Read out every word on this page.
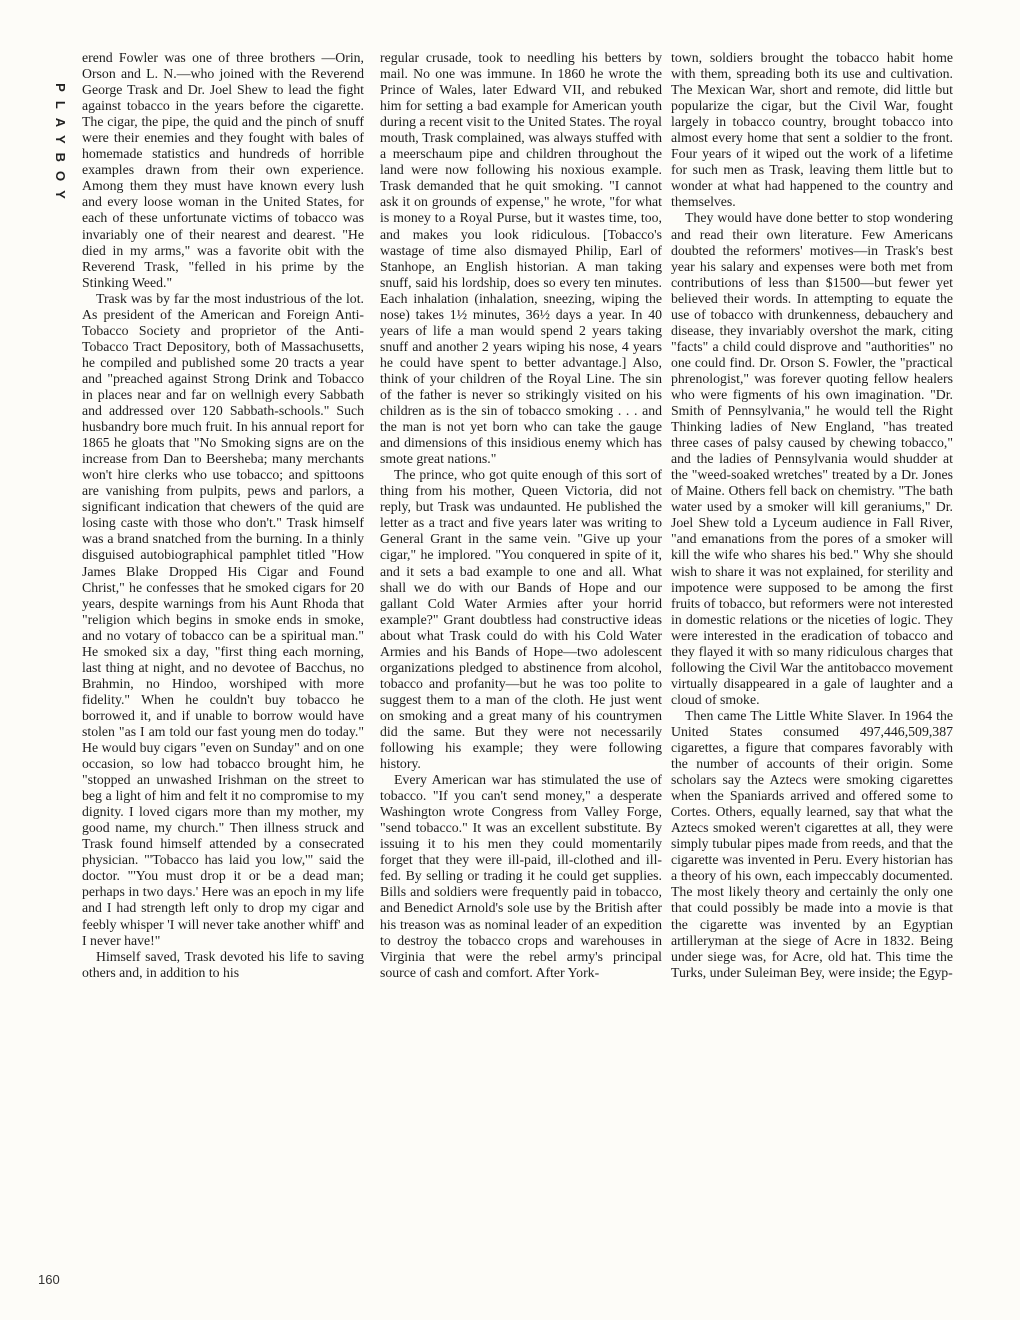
PLAYBOY

erend Fowler was one of three brothers —Orin, Orson and L. N.—who joined with the Reverend George Trask and Dr. Joel Shew to lead the fight against tobacco in the years before the cigarette. The cigar, the pipe, the quid and the pinch of snuff were their enemies and they fought with bales of homemade statistics and hundreds of horrible examples drawn from their own experience. Among them they must have known every lush and every loose woman in the United States, for each of these unfortunate victims of tobacco was invariably one of their nearest and dearest. "He died in my arms," was a favorite obit with the Reverend Trask, "felled in his prime by the Stinking Weed."

Trask was by far the most industrious of the lot. As president of the American and Foreign Anti-Tobacco Society and proprietor of the Anti-Tobacco Tract Depository, both of Massachusetts, he compiled and published some 20 tracts a year and "preached against Strong Drink and Tobacco in places near and far on wellnigh every Sabbath and addressed over 120 Sabbath-schools." Such husbandry bore much fruit. In his annual report for 1865 he gloats that "No Smoking signs are on the increase from Dan to Beersheba; many merchants won't hire clerks who use tobacco; and spittoons are vanishing from pulpits, pews and parlors, a significant indication that chewers of the quid are losing caste with those who don't." Trask himself was a brand snatched from the burning. In a thinly disguised autobiographical pamphlet titled "How James Blake Dropped His Cigar and Found Christ," he confesses that he smoked cigars for 20 years, despite warnings from his Aunt Rhoda that "religion which begins in smoke ends in smoke, and no votary of tobacco can be a spiritual man." He smoked six a day, "first thing each morning, last thing at night, and no devotee of Bacchus, no Brahmin, no Hindoo, worshiped with more fidelity." When he couldn't buy tobacco he borrowed it, and if unable to borrow would have stolen "as I am told our fast young men do today." He would buy cigars "even on Sunday" and on one occasion, so low had tobacco brought him, he "stopped an unwashed Irishman on the street to beg a light of him and felt it no compromise to my dignity. I loved cigars more than my mother, my good name, my church." Then illness struck and Trask found himself attended by a consecrated physician. "'Tobacco has laid you low,'" said the doctor. "'You must drop it or be a dead man; perhaps in two days.' Here was an epoch in my life and I had strength left only to drop my cigar and feebly whisper 'I will never take another whiff' and I never have!"

Himself saved, Trask devoted his life to saving others and, in addition to his

regular crusade, took to needling his betters by mail. No one was immune. In 1860 he wrote the Prince of Wales, later Edward VII, and rebuked him for setting a bad example for American youth during a recent visit to the United States. The royal mouth, Trask complained, was always stuffed with a meerschaum pipe and children throughout the land were now following his noxious example. Trask demanded that he quit smoking. "I cannot ask it on grounds of expense," he wrote, "for what is money to a Royal Purse, but it wastes time, too, and makes you look ridiculous. [Tobacco's wastage of time also dismayed Philip, Earl of Stanhope, an English historian. A man taking snuff, said his lordship, does so every ten minutes. Each inhalation (inhalation, sneezing, wiping the nose) takes 1½ minutes, 36½ days a year. In 40 years of life a man would spend 2 years taking snuff and another 2 years wiping his nose, 4 years he could have spent to better advantage.] Also, think of your children of the Royal Line. The sin of the father is never so strikingly visited on his children as is the sin of tobacco smoking . . . and the man is not yet born who can take the gauge and dimensions of this insidious enemy which has smote great nations."

The prince, who got quite enough of this sort of thing from his mother, Queen Victoria, did not reply, but Trask was undaunted. He published the letter as a tract and five years later was writing to General Grant in the same vein. "Give up your cigar," he implored. "You conquered in spite of it, and it sets a bad example to one and all. What shall we do with our Bands of Hope and our gallant Cold Water Armies after your horrid example?" Grant doubtless had constructive ideas about what Trask could do with his Cold Water Armies and his Bands of Hope—two adolescent organizations pledged to abstinence from alcohol, tobacco and profanity—but he was too polite to suggest them to a man of the cloth. He just went on smoking and a great many of his countrymen did the same. But they were not necessarily following his example; they were following history.

Every American war has stimulated the use of tobacco. "If you can't send money," a desperate Washington wrote Congress from Valley Forge, "send tobacco." It was an excellent substitute. By issuing it to his men they could momentarily forget that they were ill-paid, ill-clothed and ill-fed. By selling or trading it he could get supplies. Bills and soldiers were frequently paid in tobacco, and Benedict Arnold's sole use by the British after his treason was as nominal leader of an expedition to destroy the tobacco crops and warehouses in Virginia that were the rebel army's principal source of cash and comfort. After York-

town, soldiers brought the tobacco habit home with them, spreading both its use and cultivation. The Mexican War, short and remote, did little but popularize the cigar, but the Civil War, fought largely in tobacco country, brought tobacco into almost every home that sent a soldier to the front. Four years of it wiped out the work of a lifetime for such men as Trask, leaving them little but to wonder at what had happened to the country and themselves.

They would have done better to stop wondering and read their own literature. Few Americans doubted the reformers' motives—in Trask's best year his salary and expenses were both met from contributions of less than $1500—but fewer yet believed their words. In attempting to equate the use of tobacco with drunkenness, debauchery and disease, they invariably overshot the mark, citing "facts" a child could disprove and "authorities" no one could find. Dr. Orson S. Fowler, the "practical phrenologist," was forever quoting fellow healers who were figments of his own imagination. "Dr. Smith of Pennsylvania," he would tell the Right Thinking ladies of New England, "has treated three cases of palsy caused by chewing tobacco," and the ladies of Pennsylvania would shudder at the "weed-soaked wretches" treated by a Dr. Jones of Maine. Others fell back on chemistry. "The bath water used by a smoker will kill geraniums," Dr. Joel Shew told a Lyceum audience in Fall River, "and emanations from the pores of a smoker will kill the wife who shares his bed." Why she should wish to share it was not explained, for sterility and impotence were supposed to be among the first fruits of tobacco, but reformers were not interested in domestic relations or the niceties of logic. They were interested in the eradication of tobacco and they flayed it with so many ridiculous charges that following the Civil War the antitobacco movement virtually disappeared in a gale of laughter and a cloud of smoke.

Then came The Little White Slaver. In 1964 the United States consumed 497,446,509,387 cigarettes, a figure that compares favorably with the number of accounts of their origin. Some scholars say the Aztecs were smoking cigarettes when the Spaniards arrived and offered some to Cortes. Others, equally learned, say that what the Aztecs smoked weren't cigarettes at all, they were simply tubular pipes made from reeds, and that the cigarette was invented in Peru. Every historian has a theory of his own, each impeccably documented. The most likely theory and certainly the only one that could possibly be made into a movie is that the cigarette was invented by an Egyptian artilleryman at the siege of Acre in 1832. Being under siege was, for Acre, old hat. This time the Turks, under Suleiman Bey, were inside; the Egyp-

160
